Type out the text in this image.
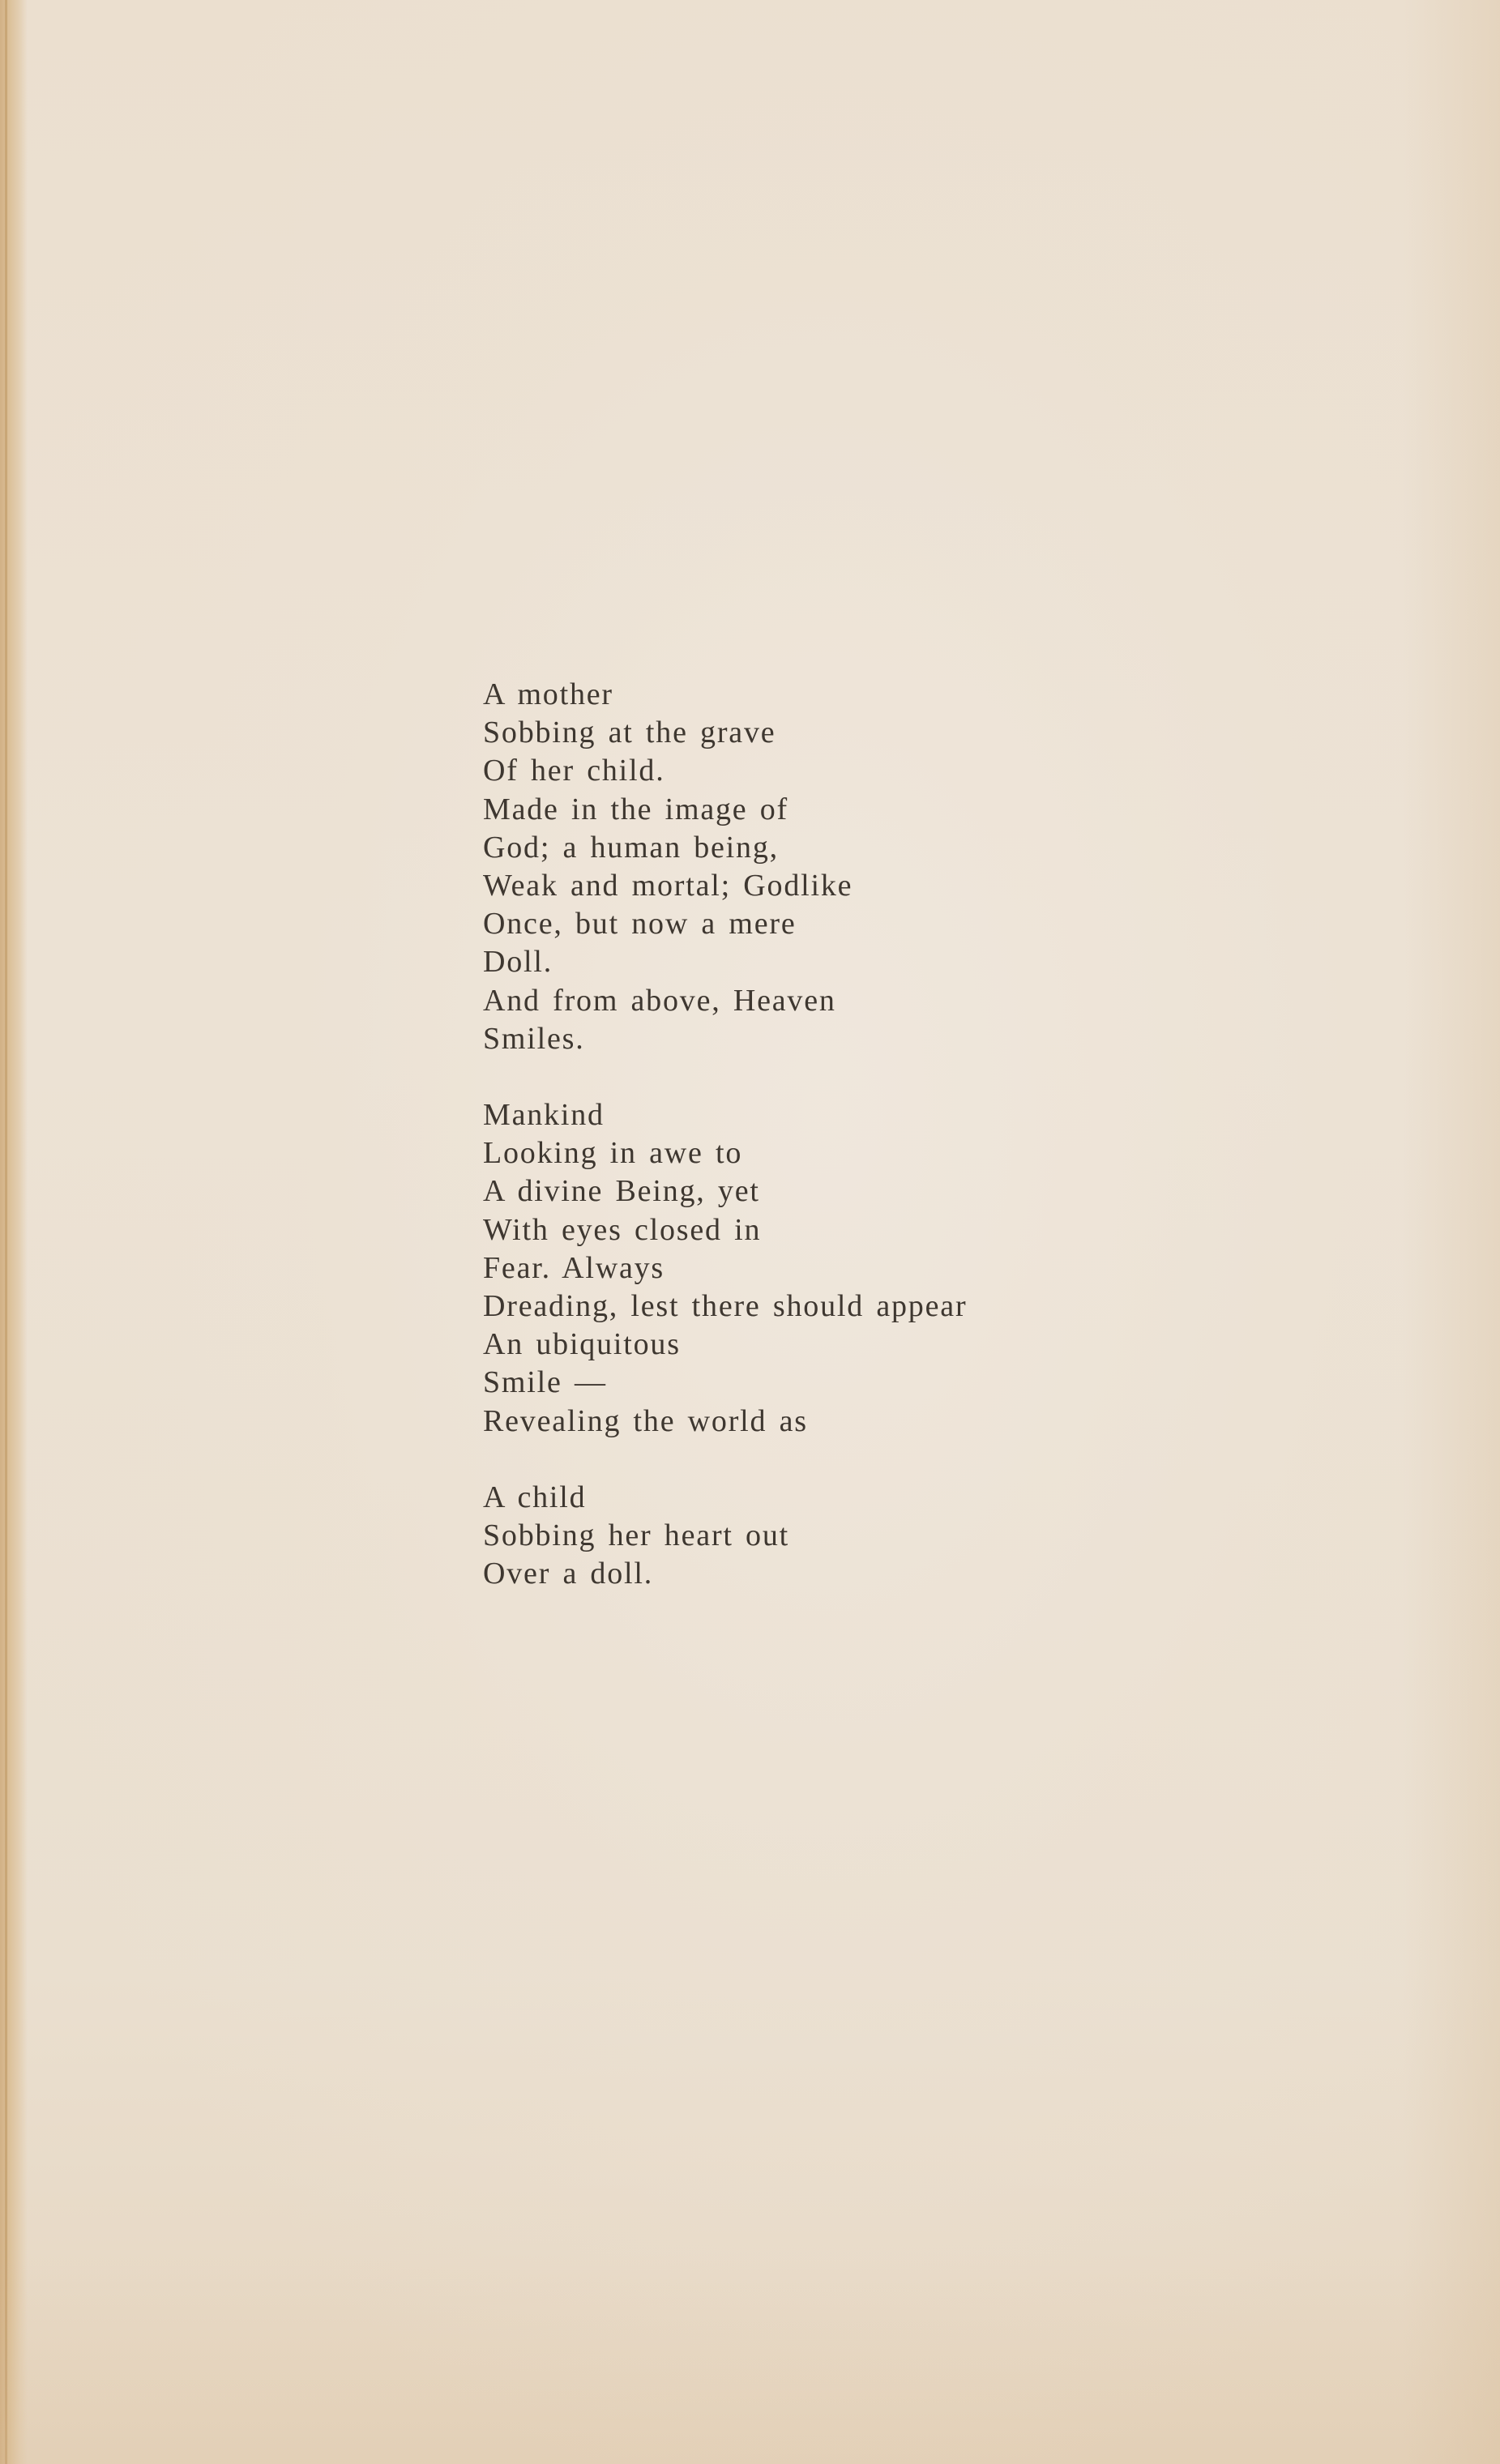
A mother
Sobbing at the grave
Of her child.
Made in the image of
God; a human being,
Weak and mortal; Godlike
Once, but now a mere
Doll.
And from above, Heaven
Smiles.
Mankind
Looking in awe to
A divine Being, yet
With eyes closed in
Fear. Always
Dreading, lest there should appear
An ubiquitous
Smile —
Revealing the world as
A child
Sobbing her heart out
Over a doll.
